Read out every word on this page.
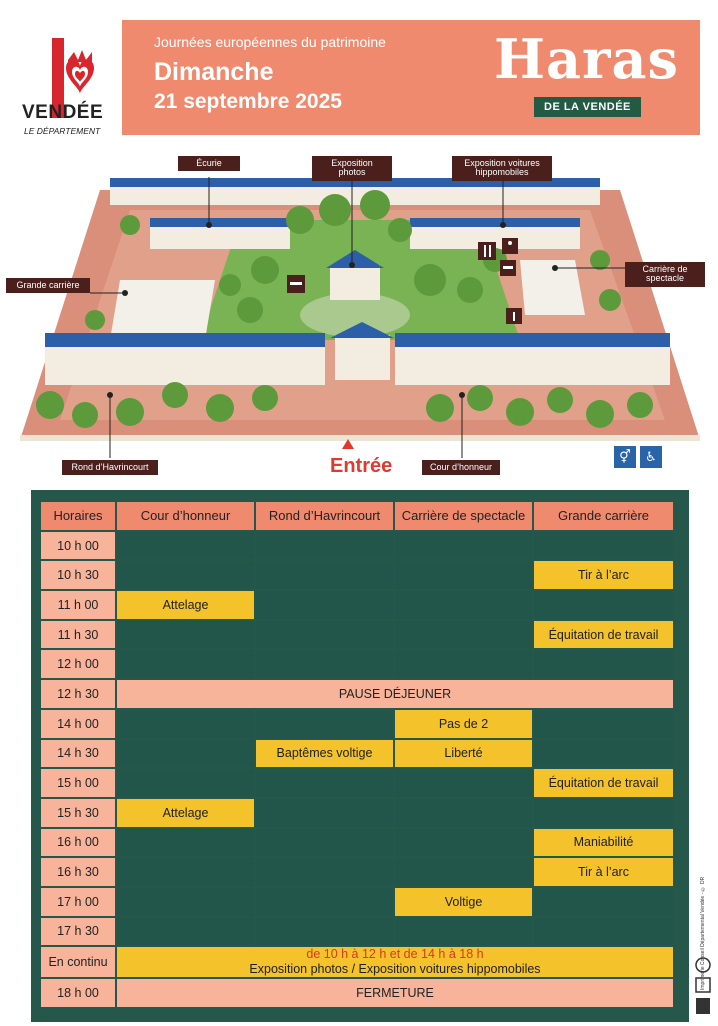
VENDÉE
LE DÉPARTEMENT
Journées européennes du patrimoine
Dimanche
21 septembre 2025
Haras
DE LA VENDÉE
Écurie	Exposition photos
Exposition voitures hippomobiles
Grande carrière
Carrière de spectacle
Rond d’Havrincourt	Cour d’honneur
Entrée	⚥	♿
Horaires	Cour d’honneur	Rond d’Havrincourt	Carrière de spectacle	Grande carrière
10 h 00				
10 h 30				Tir à l’arc
11 h 00	Attelage			
11 h 30				Équitation de travail
12 h 00				
12 h 30	PAUSE DÉJEUNER			
14 h 00			Pas de 2	
14 h 30		Baptêmes voltige	Liberté	
15 h 00				Équitation de travail
15 h 30	Attelage			
16 h 00				Maniabilité
16 h 30				Tir à l’arc
17 h 00			Voltige	
17 h 30				
En continu	de 10 h à 12 h et de 14 h à 18 h
Exposition photos / Exposition voitures hippomobiles			
18 h 00	FERMETURE			
Imprimerie Conseil Départemental Vendée - © DR
